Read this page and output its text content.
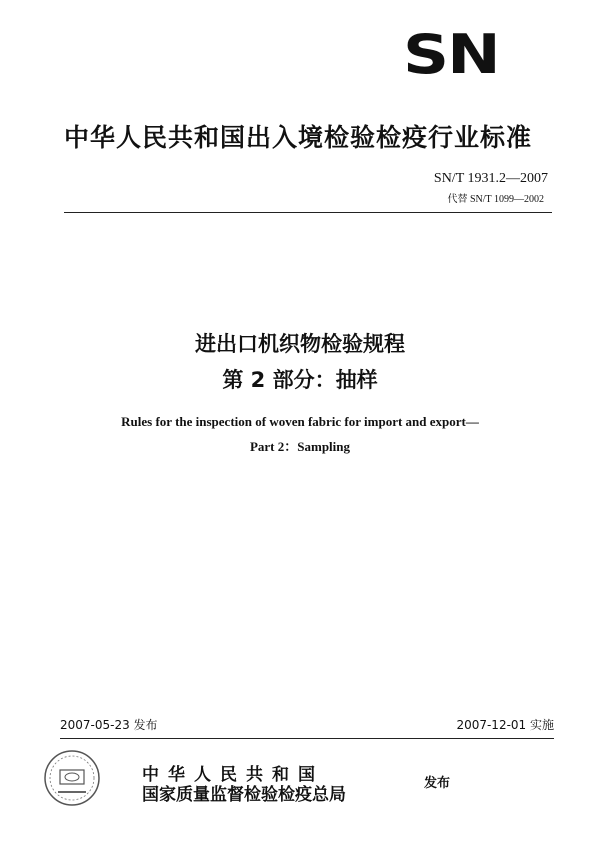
SN
中华人民共和国出入境检验检疫行业标准
SN/T 1931.2—2007
代替 SN/T 1099—2002
进出口机织物检验规程
第 2 部分：抽样
Rules for the inspection of woven fabric for import and export—
Part 2：Sampling
2007-05-23 发布	2007-12-01 实施
中华人民共和国
国家质量监督检验检疫总局
发布
